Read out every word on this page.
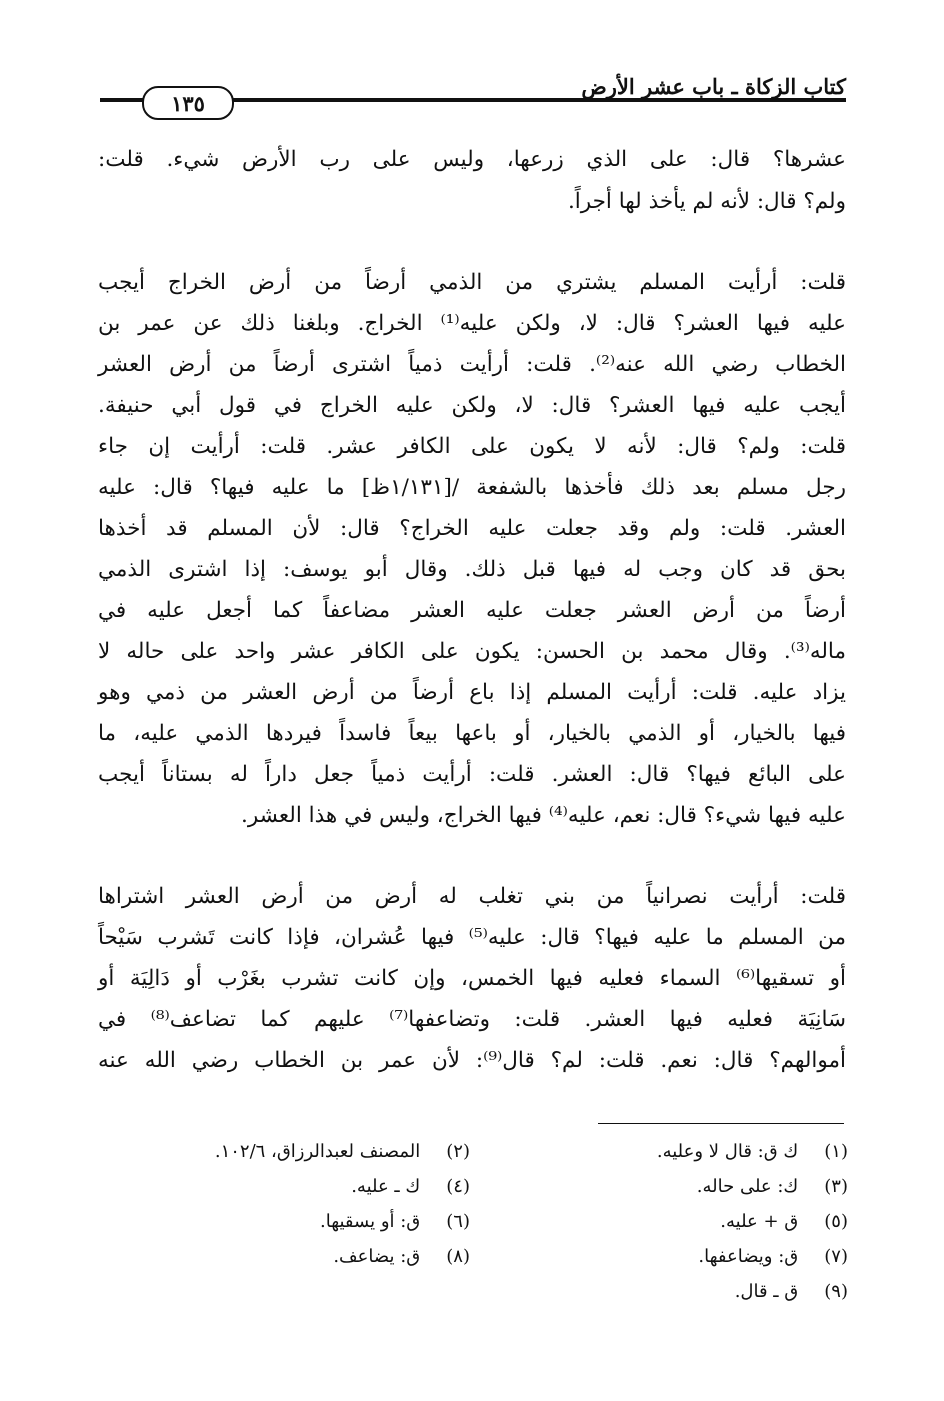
كتاب الزكاة ـ باب عشر الأرض
١٣٥
عشرها؟ قال: على الذي زرعها، وليس على رب الأرض شيء. قلت:
ولم؟ قال: لأنه لم يأخذ لها أجراً.
قلت: أرأيت المسلم يشتري من الذمي أرضاً من أرض الخراج أيجب
عليه فيها العشر؟ قال: لا، ولكن عليه⁽¹⁾ الخراج. وبلغنا ذلك عن عمر بن
الخطاب رضي الله عنه⁽²⁾. قلت: أرأيت ذمياً اشترى أرضاً من أرض العشر
أيجب عليه فيها العشر؟ قال: لا، ولكن عليه الخراج في قول أبي حنيفة.
قلت: ولم؟ قال: لأنه لا يكون على الكافر عشر. قلت: أرأيت إن جاء
رجل مسلم بعد ذلك فأخذها بالشفعة /[١/١٣١ظ] ما عليه فيها؟ قال: عليه
العشر. قلت: ولم وقد جعلت عليه الخراج؟ قال: لأن المسلم قد أخذها
بحق قد كان وجب له فيها قبل ذلك. وقال أبو يوسف: إذا اشترى الذمي
أرضاً من أرض العشر جعلت عليه العشر مضاعفاً كما أجعل عليه في
ماله⁽³⁾. وقال محمد بن الحسن: يكون على الكافر عشر واحد على حاله لا
يزاد عليه. قلت: أرأيت المسلم إذا باع أرضاً من أرض العشر من ذمي وهو
فيها بالخيار، أو الذمي بالخيار، أو باعها بيعاً فاسداً فيردها الذمي عليه، ما
على البائع فيها؟ قال: العشر. قلت: أرأيت ذمياً جعل داراً له بستاناً أيجب
عليه فيها شيء؟ قال: نعم، عليه⁽⁴⁾ فيها الخراج، وليس في هذا العشر.
قلت: أرأيت نصرانياً من بني تغلب له أرض من أرض العشر اشتراها
من المسلم ما عليه فيها؟ قال: عليه⁽⁵⁾ فيها عُشران، فإذا كانت تَشرب سَيْحاً
أو تسقيها⁽⁶⁾ السماء فعليه فيها الخمس، وإن كانت تشرب بغَرْب أو دَالِيَة أو
سَانِيَة فعليه فيها العشر. قلت: وتضاعفها⁽⁷⁾ عليهم كما تضاعف⁽⁸⁾ في
أموالهم؟ قال: نعم. قلت: لم؟ قال⁽⁹⁾: لأن عمر بن الخطاب رضي الله عنه
(١) ك ق: قال لا وعليه.
(٢) المصنف لعبدالرزاق، ١٠٢/٦.
(٣) ك: على حاله.
(٤) ك ـ عليه.
(٥) ق + عليه.
(٦) ق: أو يسقيها.
(٧) ق: ويضاعفها.
(٨) ق: يضاعف.
(٩) ق ـ قال.
